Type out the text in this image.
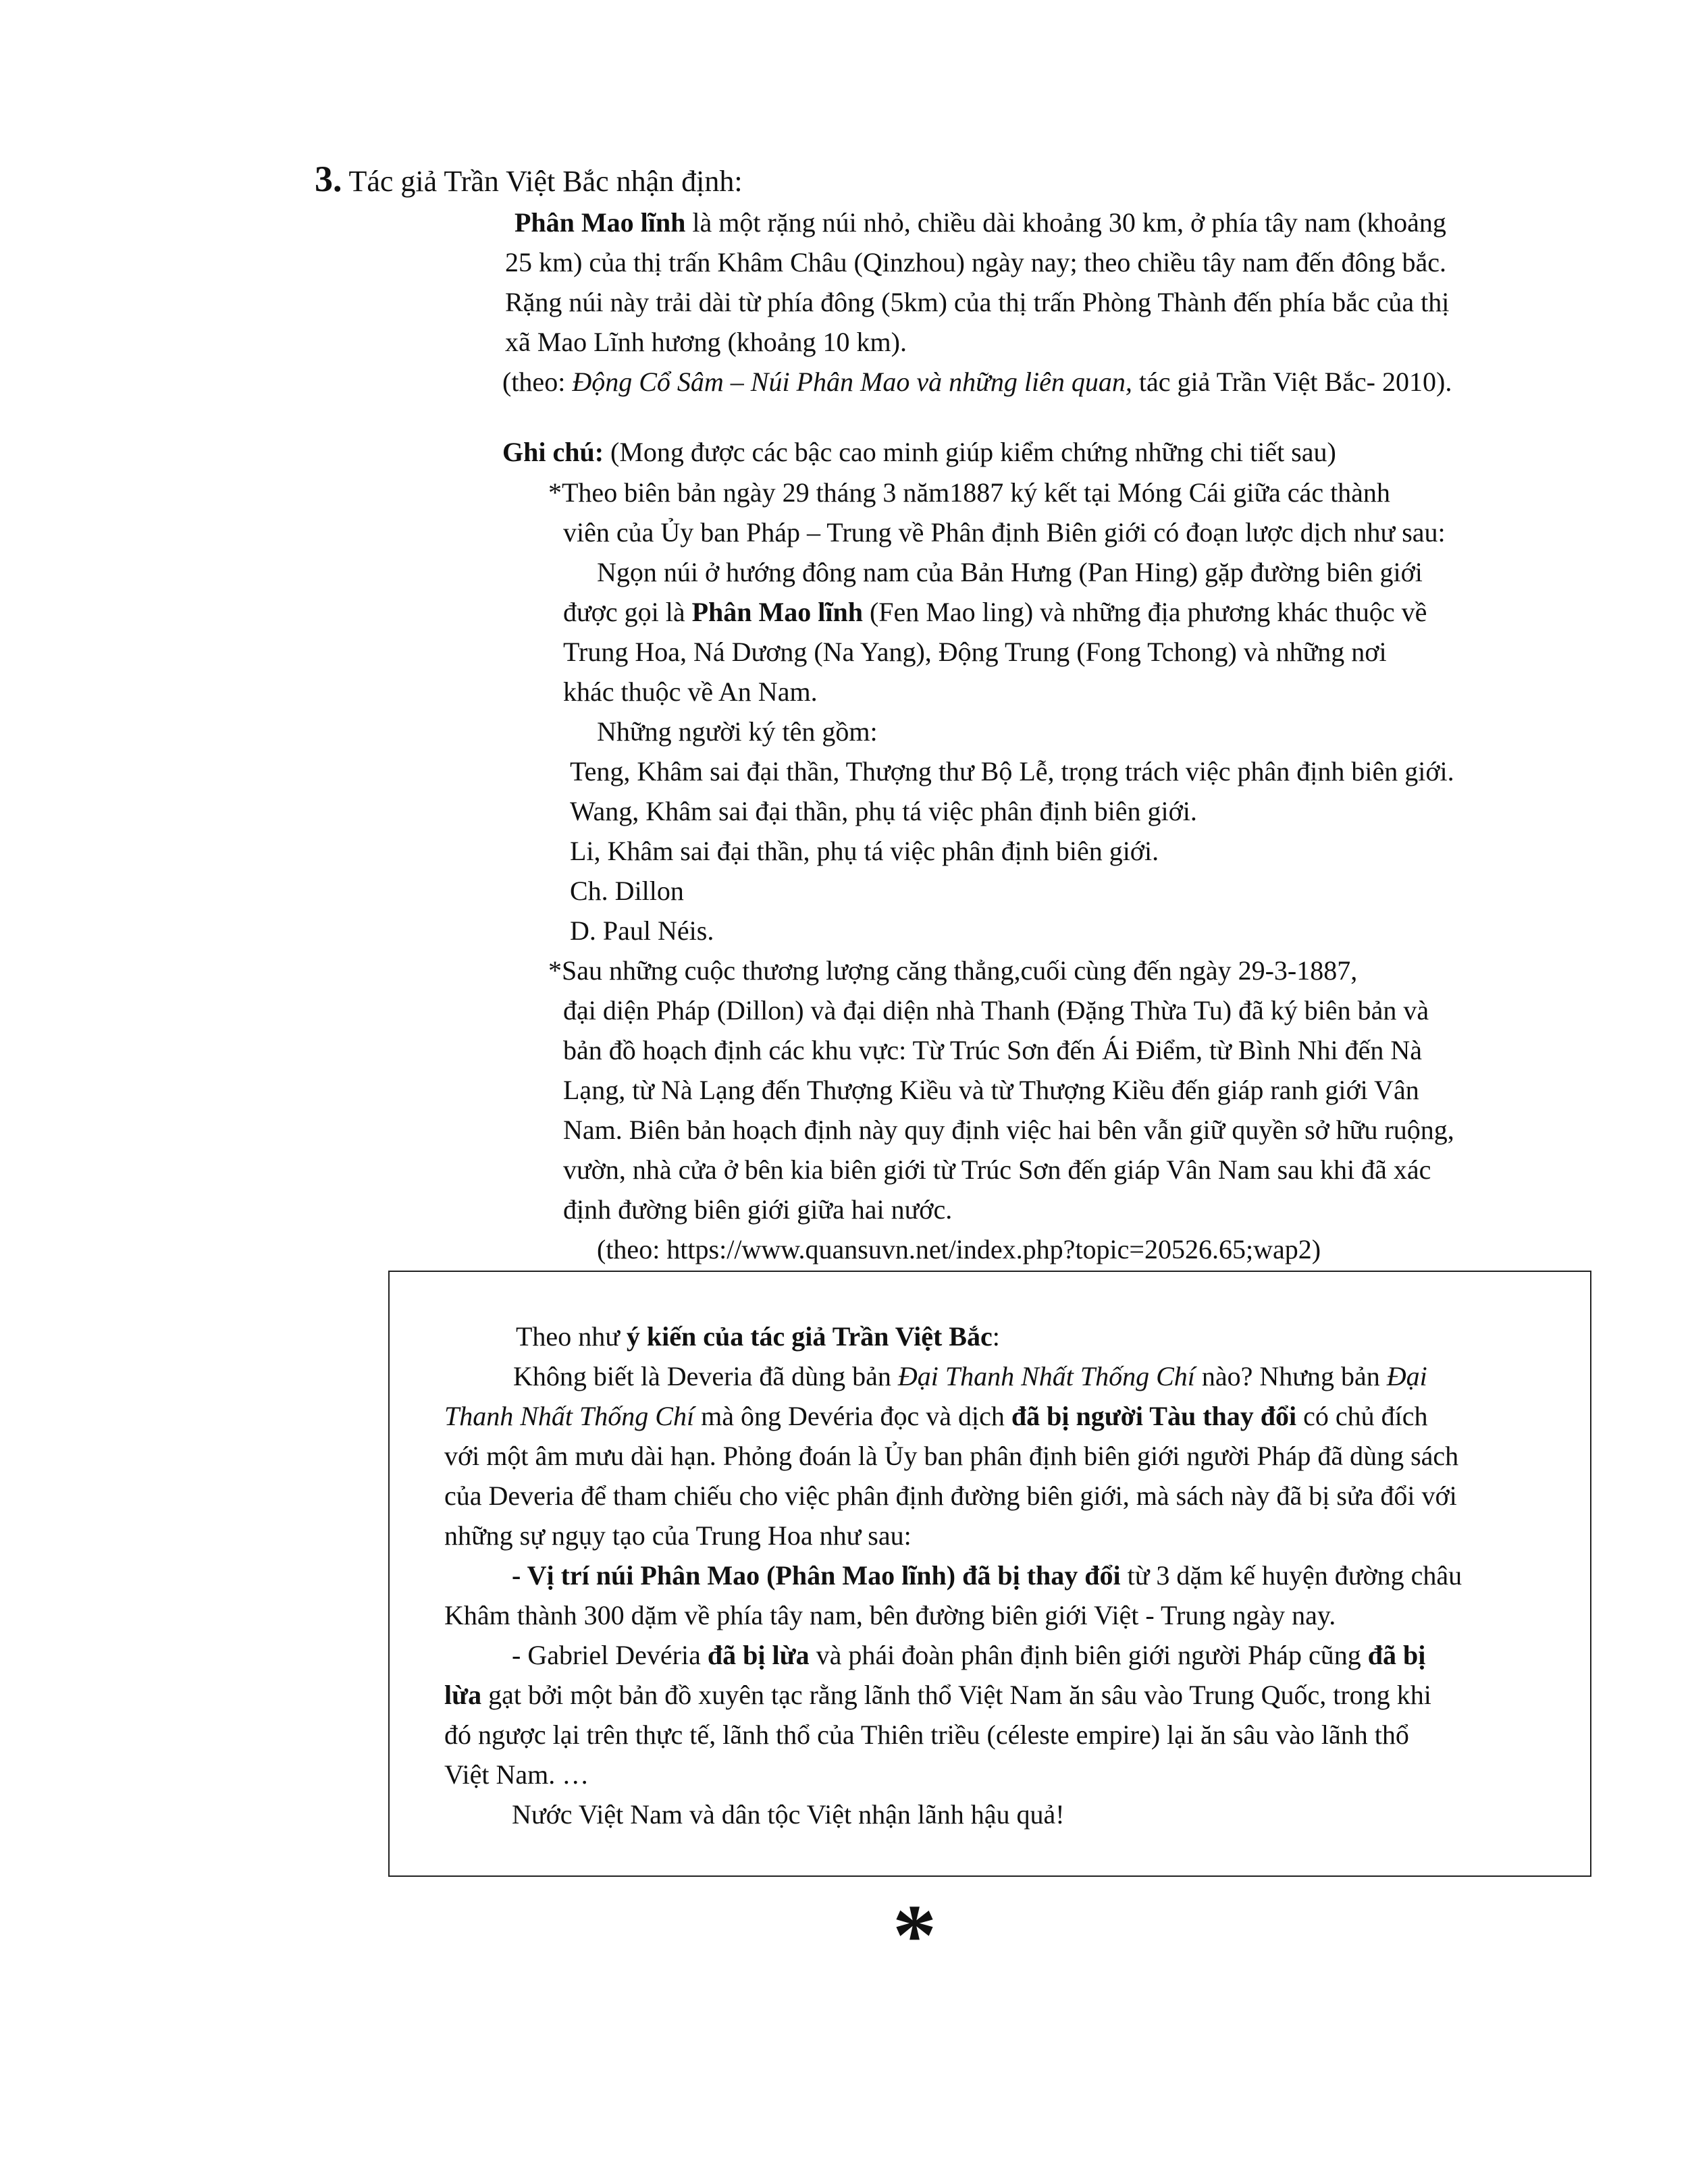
3. Tác giả Trần Việt Bắc nhận định:
Phân Mao lĩnh là một rặng núi nhỏ, chiều dài khoảng 30 km, ở phía tây nam (khoảng
25 km) của thị trấn Khâm Châu (Qinzhou) ngày nay; theo chiều tây nam đến đông bắc.
Rặng núi này trải dài từ phía đông (5km) của thị trấn Phòng Thành đến phía bắc của thị
xã Mao Lĩnh hương (khoảng 10 km).
(theo: Động Cổ Sâm – Núi Phân Mao và những liên quan, tác giả Trần Việt Bắc- 2010).
Ghi chú: (Mong được các bậc cao minh giúp kiểm chứng những chi tiết sau)
*Theo biên bản ngày 29 tháng 3 năm1887 ký kết tại Móng Cái giữa các thành
viên của Ủy ban Pháp – Trung về Phân định Biên giới có đoạn lược dịch như sau:
Ngọn núi ở hướng đông nam của Bản Hưng (Pan Hing) gặp đường biên giới
được gọi là Phân Mao lĩnh (Fen Mao ling) và những địa phương khác thuộc về
Trung Hoa, Ná Dương (Na Yang), Động Trung (Fong Tchong) và những nơi
khác thuộc về An Nam.
Những người ký tên gồm:
Teng, Khâm sai đại thần, Thượng thư Bộ Lễ, trọng trách việc phân định biên giới.
Wang, Khâm sai đại thần, phụ tá việc phân định biên giới.
Li, Khâm sai đại thần, phụ tá việc phân định biên giới.
Ch. Dillon
D. Paul Néis.
*Sau những cuộc thương lượng căng thẳng,cuối cùng đến ngày 29-3-1887,
đại diện Pháp (Dillon) và đại diện nhà Thanh (Đặng Thừa Tu) đã ký biên bản và
bản đồ hoạch định các khu vực: Từ Trúc Sơn đến Ái Điểm, từ Bình Nhi đến Nà
Lạng, từ Nà Lạng đến Thượng Kiều và từ Thượng Kiều đến giáp ranh giới Vân
Nam. Biên bản hoạch định này quy định việc hai bên vẫn giữ quyền sở hữu ruộng,
vườn, nhà cửa ở bên kia biên giới từ Trúc Sơn đến giáp Vân Nam sau khi đã xác
định đường biên giới giữa hai nước.
(theo: https://www.quansuvn.net/index.php?topic=20526.65;wap2)
Theo như ý kiến của tác giả Trần Việt Bắc:
Không biết là Deveria đã dùng bản Đại Thanh Nhất Thống Chí nào? Nhưng bản Đại
Thanh Nhất Thống Chí mà ông Devéria đọc và dịch đã bị người Tàu thay đổi có chủ đích
với một âm mưu dài hạn. Phỏng đoán là Ủy ban phân định biên giới người Pháp đã dùng sách
của Deveria để tham chiếu cho việc phân định đường biên giới, mà sách này đã bị sửa đổi với
những sự ngụy tạo của Trung Hoa như sau:
- Vị trí núi Phân Mao (Phân Mao lĩnh) đã bị thay đổi từ 3 dặm kế huyện đường châu
Khâm thành 300 dặm về phía tây nam, bên đường biên giới Việt - Trung ngày nay.
- Gabriel Devéria đã bị lừa và phái đoàn phân định biên giới người Pháp cũng đã bị
lừa gạt bởi một bản đồ xuyên tạc rằng lãnh thổ Việt Nam ăn sâu vào Trung Quốc, trong khi
đó ngược lại trên thực tế, lãnh thổ của Thiên triều (céleste empire) lại ăn sâu vào lãnh thổ
Việt Nam. …
Nước Việt Nam và dân tộc Việt nhận lãnh hậu quả!
*
